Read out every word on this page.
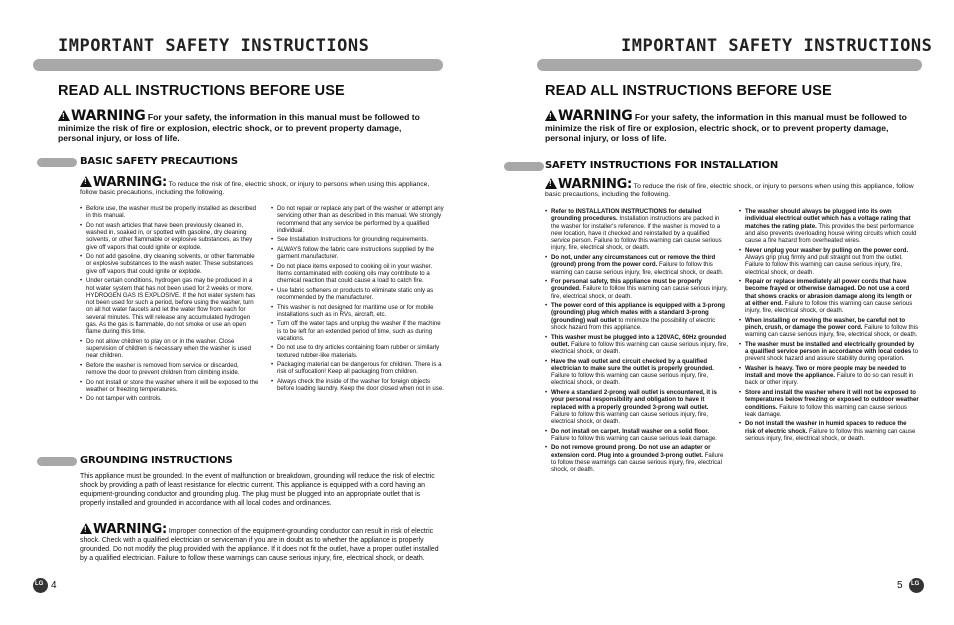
IMPORTANT SAFETY INSTRUCTIONS
READ ALL INSTRUCTIONS BEFORE USE
!WARNING For your safety, the information in this manual must be followed to minimize the risk of fire or explosion, electric shock, or to prevent property damage, personal injury, or loss of life.
BASIC SAFETY PRECAUTIONS
!WARNING: To reduce the risk of fire, electric shock, or injury to persons when using this appliance, follow basic precautions, including the following.
• Before use, the washer must be properly installed as described in this manual.
• Do not wash articles that have been previously cleaned in, washed in, soaked in, or spotted with gasoline, dry cleaning solvents, or other flammable or explosive substances, as they give off vapors that could ignite or explode.
• Do not add gasoline, dry cleaning solvents, or other flammable or explosive substances to the wash water. These substances give off vapors that could ignite or explode.
• Under certain conditions, hydrogen gas may be produced in a hot water system that has not been used for 2 weeks or more. HYDROGEN GAS IS EXPLOSIVE. If the hot water system has not been used for such a period, before using the washer, turn on all hot water faucets and let the water flow from each for several minutes. This will release any accumulated hydrogen gas. As the gas is flammable, do not smoke or use an open flame during this time.
• Do not allow children to play on or in the washer. Close supervision of children is necessary when the washer is used near children.
• Before the washer is removed from service or discarded, remove the door to prevent children from climbing inside.
• Do not install or store the washer where it will be exposed to the weather or freezing temperatures.
• Do not tamper with controls.
• Do not repair or replace any part of the washer or attempt any servicing other than as described in this manual. We strongly recommend that any service be performed by a qualified individual.
• See Installation Instructions for grounding requirements.
• ALWAYS follow the fabric care instructions supplied by the garment manufacturer.
• Do not place items exposed to cooking oil in your washer. Items contaminated with cooking oils may contribute to a chemical reaction that could cause a load to catch fire.
• Use fabric softeners or products to eliminate static only as recommended by the manufacturer.
• This washer is not designed for maritime use or for mobile installations such as in RVs, aircraft, etc.
• Turn off the water taps and unplug the washer if the machine is to be left for an extended period of time, such as during vacations.
• Do not use to dry articles containing foam rubber or similarly textured rubber-like materials.
• Packaging material can be dangerous for children. There is a risk of suffocation! Keep all packaging from children.
• Always check the inside of the washer for foreign objects before loading laundry. Keep the door closed when not in use.
GROUNDING INSTRUCTIONS
This appliance must be grounded. In the event of malfunction or breakdown, grounding will reduce the risk of electric shock by providing a path of least resistance for electric current. This appliance is equipped with a cord having an equipment-grounding conductor and grounding plug. The plug must be plugged into an appropriate outlet that is properly installed and grounded in accordance with all local codes and ordinances.
!WARNING: Improper connection of the equipment-grounding conductor can result in risk of electric shock. Check with a qualified electrician or serviceman if you are in doubt as to whether the appliance is properly grounded. Do not modify the plug provided with the appliance. If it does not fit the outlet, have a proper outlet installed by a qualified electrician. Failure to follow these warnings can cause serious injury, fire, electrical shock, or death.
LG
4
IMPORTANT SAFETY INSTRUCTIONS
READ ALL INSTRUCTIONS BEFORE USE
!WARNING For your safety, the information in this manual must be followed to minimize the risk of fire or explosion, electric shock, or to prevent property damage, personal injury, or loss of life.
SAFETY INSTRUCTIONS FOR INSTALLATION
!WARNING: To reduce the risk of fire, electric shock, or injury to persons when using this appliance, follow basic precautions, including the following.
• Refer to INSTALLATION INSTRUCTIONS for detailed grounding procedures. Installation instructions are packed in the washer for installer's reference. If the washer is moved to a new location, have it checked and reinstalled by a qualified service person. Failure to follow this warning can cause serious injury, fire, electrical shock, or death.
• Do not, under any circumstances cut or remove the third (ground) prong from the power cord. Failure to follow this warning can cause serious injury, fire, electrical shock, or death.
• For personal safety, this appliance must be properly grounded. Failure to follow this warning can cause serious injury, fire, electrical shock, or death.
• The power cord of this appliance is equipped with a 3-prong (grounding) plug which mates with a standard 3-prong (grounding) wall outlet to minimize the possibility of electric shock hazard from this appliance.
• This washer must be plugged into a 120VAC, 60Hz grounded outlet. Failure to follow this warning can cause serious injury, fire, electrical shock, or death.
• Have the wall outlet and circuit checked by a qualified electrician to make sure the outlet is properly grounded. Failure to follow this warning can cause serious injury, fire, electrical shock, or death.
• Where a standard 2-prong wall outlet is encountered, it is your personal responsibility and obligation to have it replaced with a properly grounded 3-prong wall outlet. Failure to follow this warning can cause serious injury, fire, electrical shock, or death.
• Do not install on carpet. Install washer on a solid floor. Failure to follow this warning can cause serious leak damage.
• Do not remove ground prong. Do not use an adapter or extension cord. Plug into a grounded 3-prong outlet. Failure to follow these warnings can cause serious injury, fire, electrical shock, or death.
• The washer should always be plugged into its own individual electrical outlet which has a voltage rating that matches the rating plate. This provides the best performance and also prevents overloading house wiring circuits which could cause a fire hazard from overheated wires.
• Never unplug your washer by pulling on the power cord. Always grip plug firmly and pull straight out from the outlet. Failure to follow this warning can cause serious injury, fire, electrical shock, or death.
• Repair or replace immediately all power cords that have become frayed or otherwise damaged. Do not use a cord that shows cracks or abrasion damage along its length or at either end. Failure to follow this warning can cause serious injury, fire, electrical shock, or death.
• When installing or moving the washer, be careful not to pinch, crush, or damage the power cord. Failure to follow this warning can cause serious injury, fire, electrical shock, or death.
• The washer must be installed and electrically grounded by a qualified service person in accordance with local codes to prevent shock hazard and assure stability during operation.
• Washer is heavy. Two or more people may be needed to install and move the appliance. Failure to do so can result in back or other injury.
• Store and install the washer where it will not be exposed to temperatures below freezing or exposed to outdoor weather conditions. Failure to follow this warning can cause serious leak damage.
• Do not install the washer in humid spaces to reduce the risk of electric shock. Failure to follow this warning can cause serious injury, fire, electrical shock, or death.
5
LG
